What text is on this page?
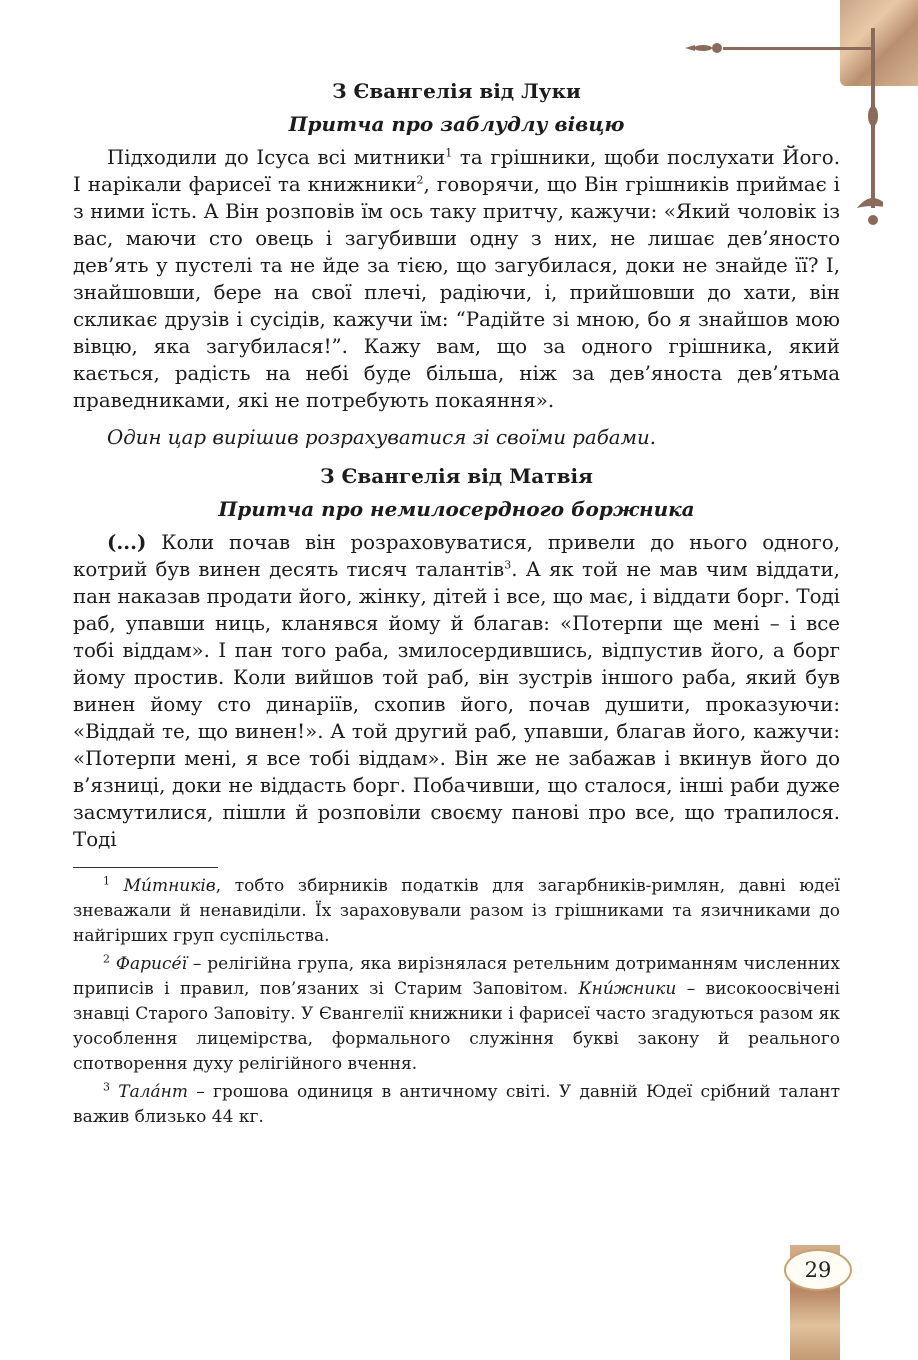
З Євангелія від Луки
Притча про заблудлу вівцю

Підходили до Ісуса всі митники$^1$ та грішники, щоби послухати Його. І нарікали фарисеї та книжники$^2$, говорячи, що Він грішників приймає і з ними їсть. А Він розповів їм ось таку притчу, кажучи: «Який чоловік із вас, маючи сто овець і загубивши одну з них, не лишає дев’яносто дев’ять у пустелі та не йде за тією, що загубилася, доки не знайде її? І, знайшовши, бере на свої плечі, радіючи, і, прийшовши до хати, він скликає друзів і сусідів, кажучи їм: “Радійте зі мною, бо я знайшов мою вівцю, яка загубилася!”. Кажу вам, що за одного грішника, який кається, радість на небі буде більша, ніж за дев’яноста дев’ятьма праведниками, які не потребують покаяння».

Один цар вирішив розрахуватися зі своїми рабами.

З Євангелія від Матвія
Притча про немилосердного боржника

(...) Коли почав він розраховуватися, привели до нього одного, котрий був винен десять тисяч талантів$^3$. А як той не мав чим віддати, пан наказав продати його, жінку, дітей і все, що має, і віддати борг. Тоді раб, упавши ниць, кланявся йому й благав: «Потерпи ще мені – і все тобі віддам». І пан того раба, змилосердившись, відпустив його, а борг йому простив. Коли вийшов той раб, він зустрів іншого раба, який був винен йому сто динаріїв, схопив його, почав душити, проказуючи: «Віддай те, що винен!». А той другий раб, упавши, благав його, кажучи: «Потерпи мені, я все тобі віддам». Він же не забажав і вкинув його до в’язниці, доки не віддасть борг. Побачивши, що сталося, інші раби дуже засмутилися, пішли й розповіли своєму панові про все, що трапилося. Тоді

$^1$ Ми́тників, тобто збирників податків для загарбників-римлян, давні юдеї зневажали й ненавиділи. Їх зараховували разом із грішниками та язичниками до найгірших груп суспільства.

$^2$ Фарисе́ї – релігійна група, яка вирізнялася ретельним дотриманням численних приписів і правил, пов’язаних зі Старим Заповітом. Кни́жники – високоосвічені знавці Старого Заповіту. У Євангелії книжники і фарисеї часто згадуються разом як уособлення лицемірства, формального служіння букві закону й реального спотворення духу релігійного вчення.

$^3$ Тала́нт – грошова одиниця в античному світі. У давній Юдеї срібний талант важив близько 44 кг.

29
